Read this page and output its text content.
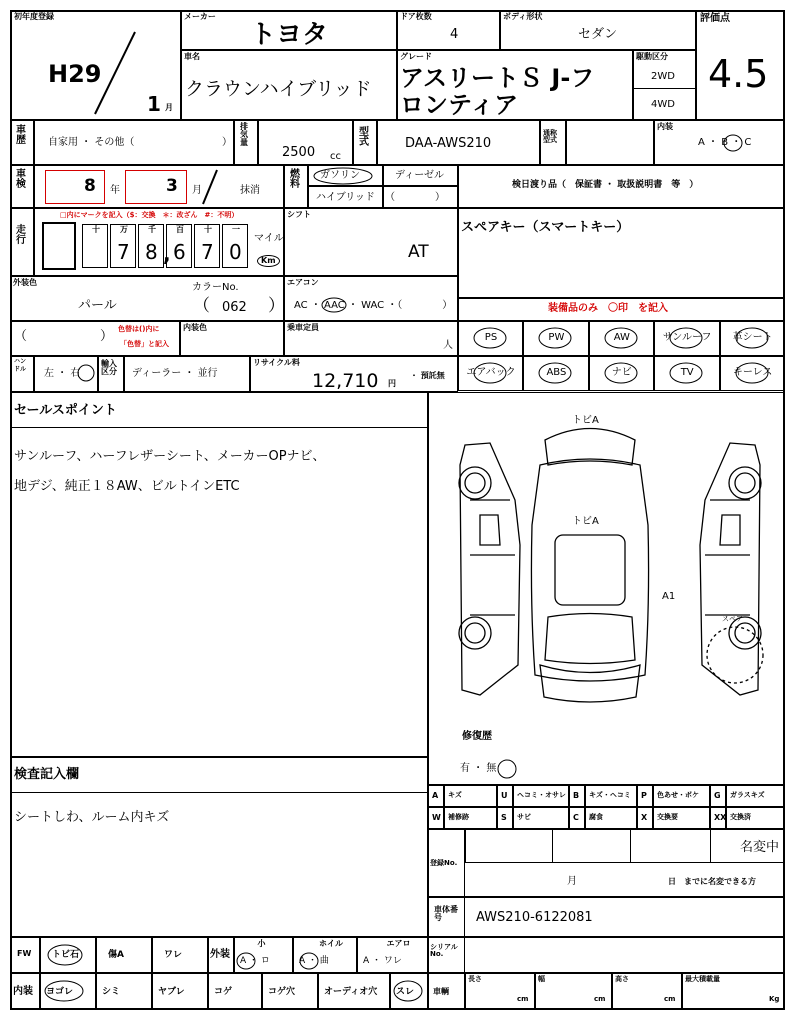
初年度登録
H29
1 月
メーカー
トヨタ
ドア枚数
4
ボディ形状
セダン
評価点
4.5
車名
クラウンハイブリッド
グレード
アスリートＳ J-フ
ロンティア
駆動区分
2WD
4WD
車歴 自家用 ・ その他（	）
排気量
2500 cc
型式	DAA-AWS210
通称型式
内装
A ・ B ・ C
車検	8 年	3 月	抹消
燃料
ガソリン	ディーゼル
ハイブリッド （　　　　）
検日渡り品（　保証書 ・ 取扱説明書　等　）
走行
□内にマークを記入（$：交換　＊：改ざん　#：不明）
マイル
Km
シフト
AT
スペアキー（スマートキー）
外装色
パール
カラーNo.
（ 062 ）
エアコン
AC ・ AAC ・ WAC ・（　　　　）	装備品のみ　〇印　を記入
（	） 色替は()内に
「色替」と記入
内装色	乗車定員
人
ハンドル 左 ・ 右
輸入区分	ディーラー ・ 並行
リサイクル料
12,710 円
・ 預託無
セールスポイント
サンルーフ、ハーフレザーシート、メーカーOPナビ、
地デジ、純正１８AW、ビルトインETC
トビA
トビA
A1
スペア
修復歴
有 ・ 無
検査記入欄
シートしわ、ルーム内キズ
登録No.
名変中
月	日　までに名変できる方
車体番号	AWS210-6122081
シリアルNo.
車輌
十	万
7
千
8
百
6
十
7
一
0
,
PS	PW	AW	サンルーフ	革シート
エアバック	ABS	ナビ	TV	キーレス
A キズ	U ヘコミ・オサレ B キズ・ヘコミ P 色あせ・ボケ G ガラスキズ
W 補修跡	S サビ	C 腐食	X 交換要	XX 交換済
FW トビ石	傷A	ワレ	外装
小
A ・ ロ
ホイル
A ・ 曲
エアロ
A ・ ワレ
内装 ヨゴレ	シミ	ヤブレ	コゲ	コゲ穴	オーディオ穴 スレ
長さ
cm
幅
cm
高さ
cm
最大積載量
Kg
